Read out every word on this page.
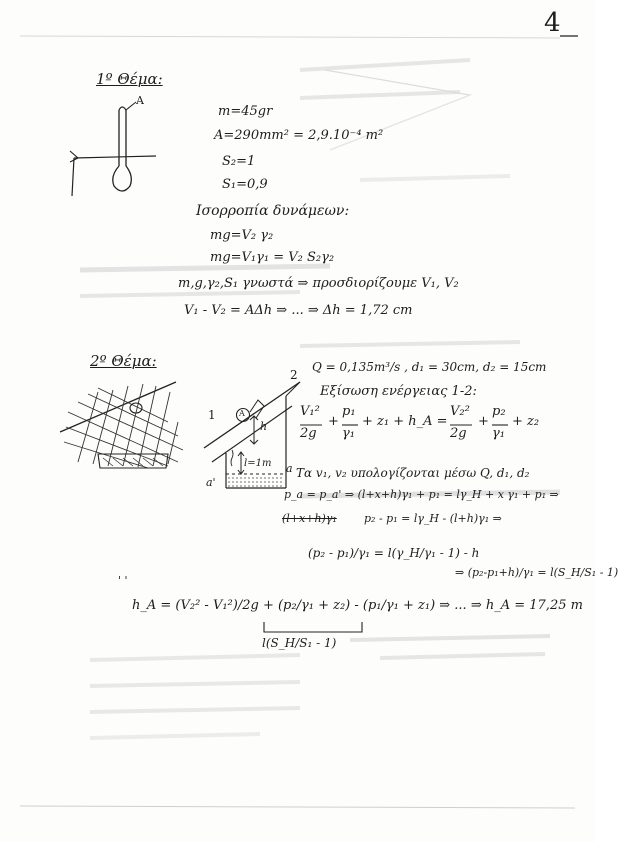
4
1º Θέμα:
A
m=45gr
A=290mm² = 2,9.10⁻⁴ m²
S₂=1
S₁=0,9
Ισορροπία δυνάμεων:
mg=V₂ γ₂
mg=V₁γ₁ = V₂ S₂γ₂
m,g,γ₂,S₁ γνωστά ⇒ προσδιορίζουμε V₁, V₂
V₁ - V₂ = AΔh ⇒ ... ⇒ Δh = 1,72 cm
2º Θέμα:
1
2
A
h
l=1m a
a'
Q = 0,135m³/s , d₁ = 30cm, d₂ = 15cm
Εξίσωση ενέργειας 1-2:
V₁²
2g
+
p₁
γ₁
+ z₁ + h_A =
V₂²
2g
+
p₂
γ₁
+ z₂
Τα v₁, v₂ υπολογίζονται μέσω Q, d₁, d₂
p_a = p_a' ⇒ (l+x+h)γ₁ + p₁ = lγ_H + x γ₁ + p₁ ⇒
(l+x+h)γ₁ p₂ - p₁ = lγ_H - (l+h)γ₁ ⇒
(p₂ - p₁)/γ₁ = l(γ_H/γ₁ - 1) - h
⇒ (p₂-p₁+h)/γ₁ = l(S_H/S₁ - 1)
' '
h_A = (V₂² - V₁²)/2g + (p₂/γ₁ + z₂) - (p₁/γ₁ + z₁) ⇒ ... ⇒ h_A = 17,25 m
l(S_H/S₁ - 1)
